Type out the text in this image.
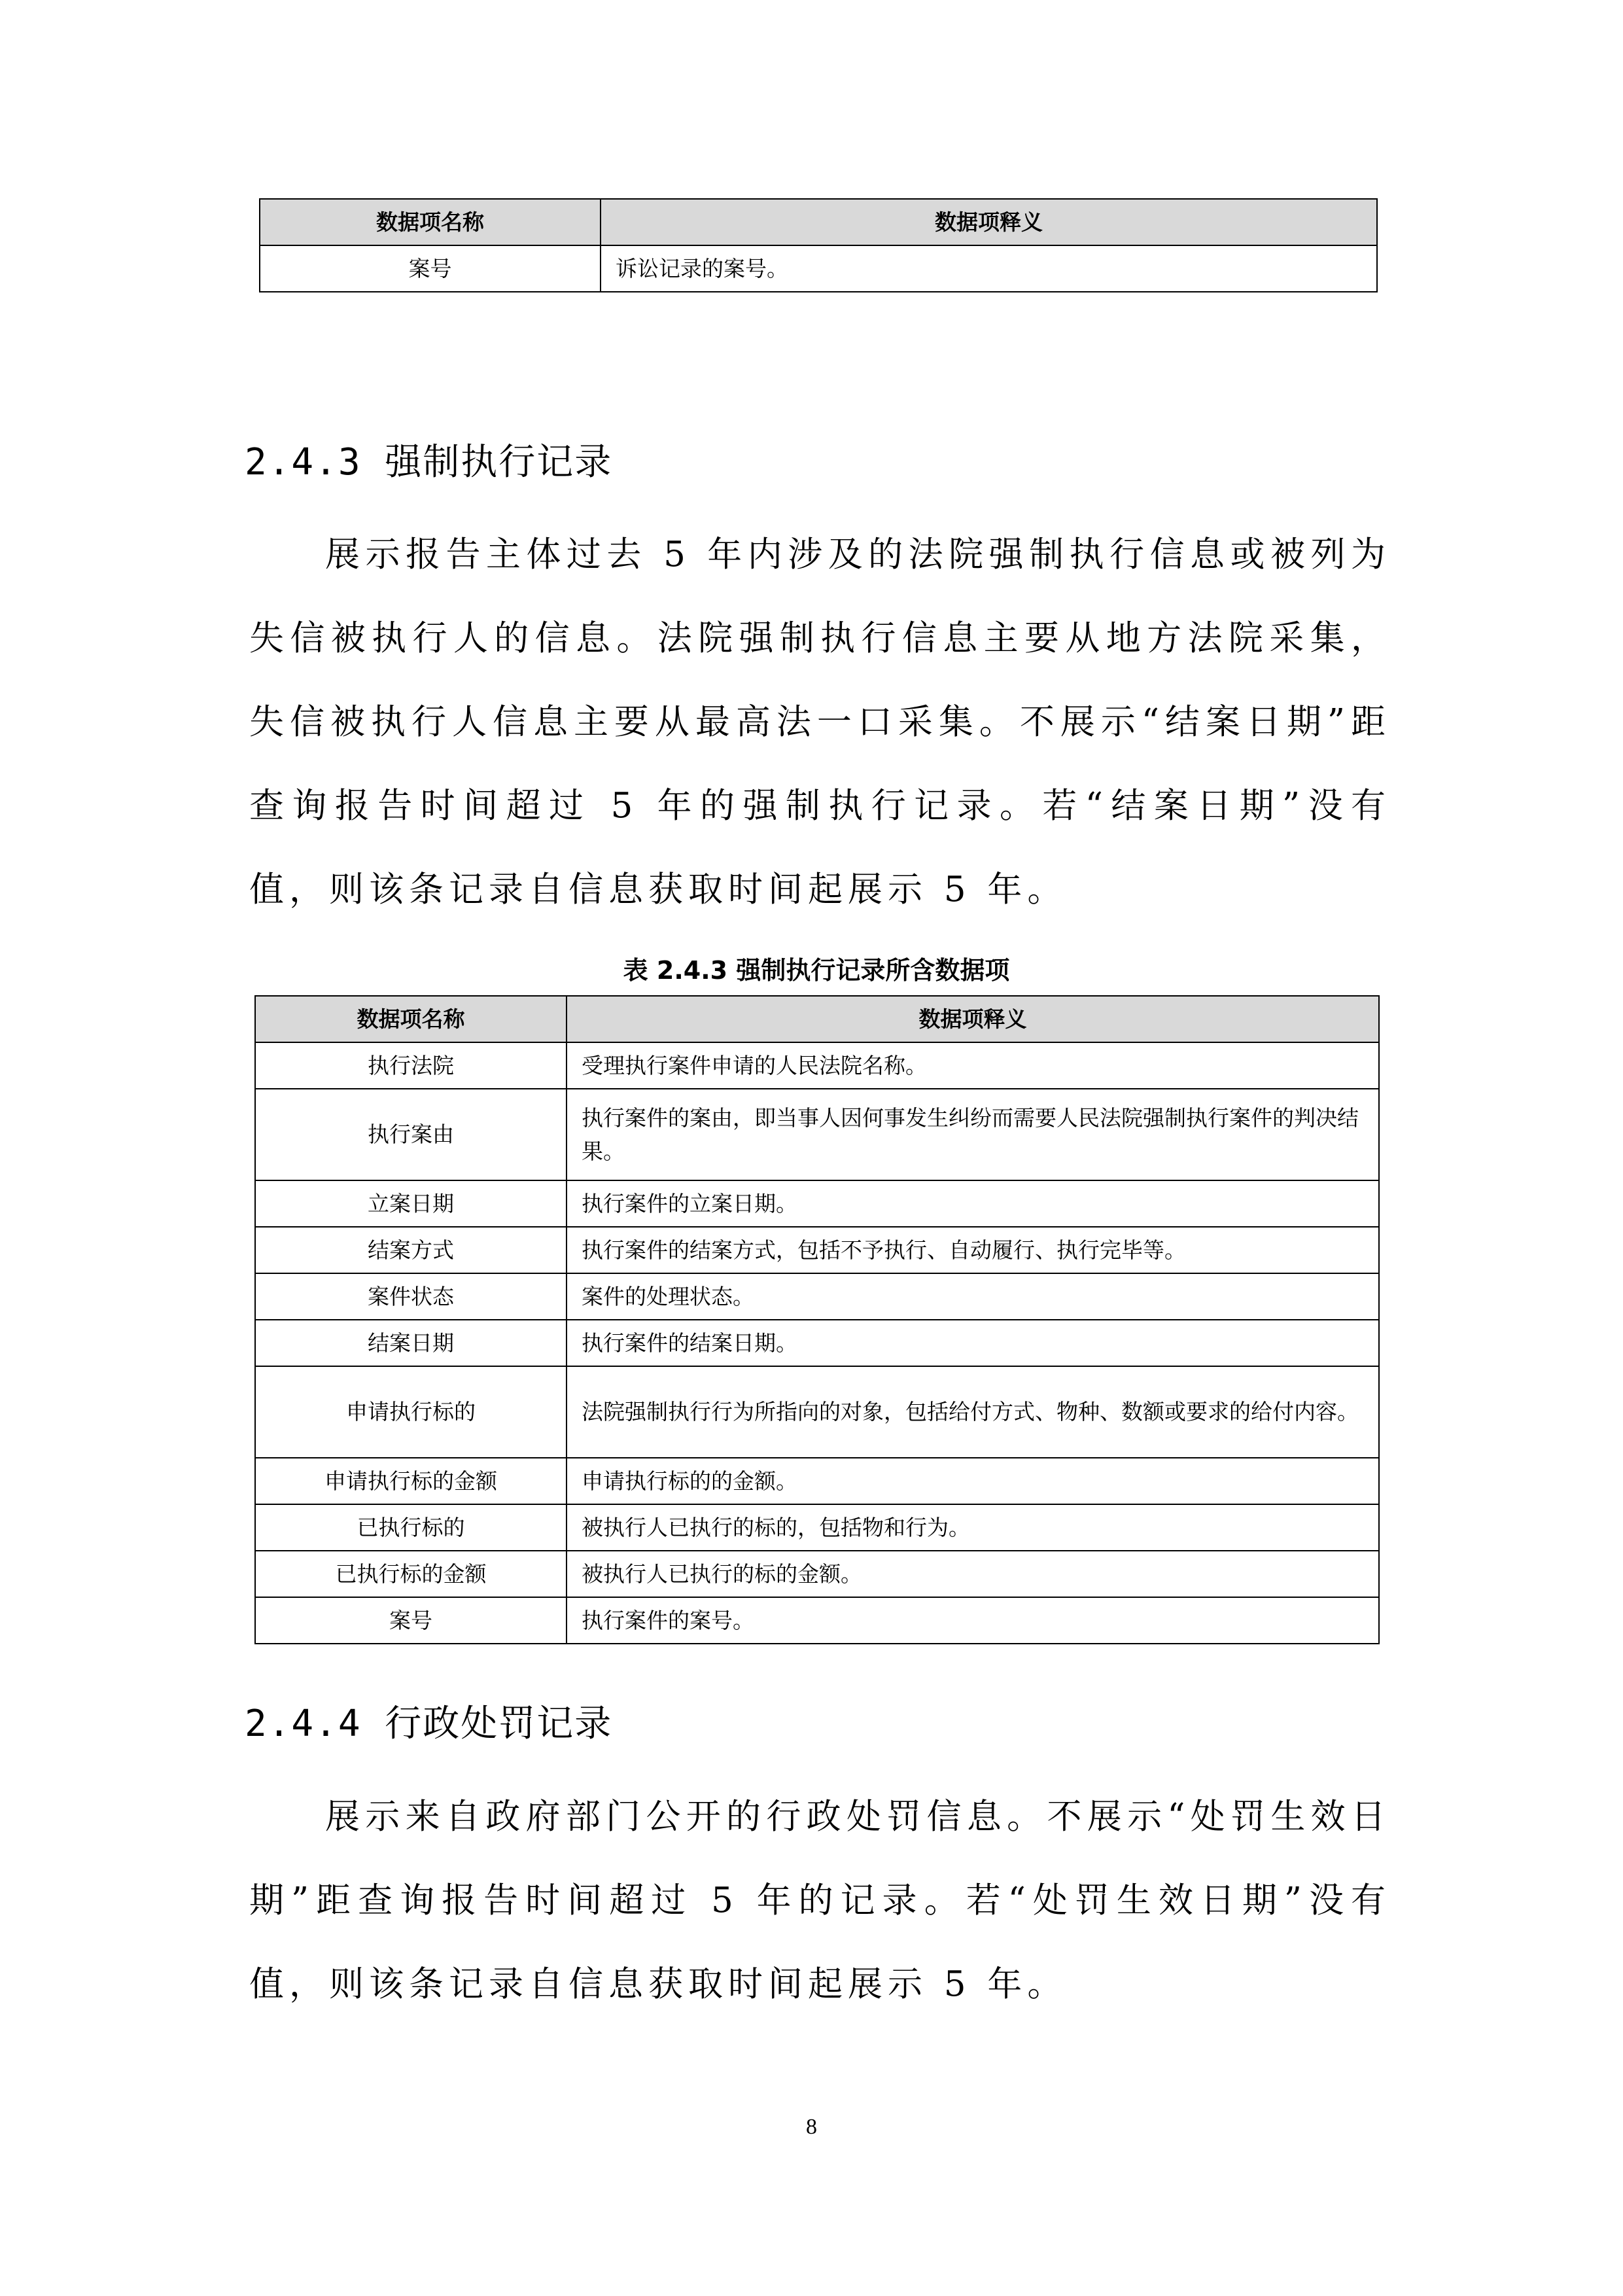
数据项名称	数据项释义
案号	诉讼记录的案号。
2.4.3 强制执行记录

展示报告主体过去 5 年内涉及的法院强制执行信息或被列为失信被执行人的信息。法院强制执行信息主要从地方法院采集，失信被执行人信息主要从最高法一口采集。不展示“结案日期”距查询报告时间超过 5 年的强制执行记录。若“结案日期”没有值，则该条记录自信息获取时间起展示 5 年。

表 2.4.3 强制执行记录所含数据项
数据项名称	数据项释义
执行法院	受理执行案件申请的人民法院名称。
执行案由	执行案件的案由，即当事人因何事发生纠纷而需要人民法院强制执行案件的判决结果。
立案日期	执行案件的立案日期。
结案方式	执行案件的结案方式，包括不予执行、自动履行、执行完毕等。
案件状态	案件的处理状态。
结案日期	执行案件的结案日期。
申请执行标的	法院强制执行行为所指向的对象，包括给付方式、物种、数额或要求的给付内容。
申请执行标的金额	申请执行标的的金额。
已执行标的	被执行人已执行的标的，包括物和行为。
已执行标的金额	被执行人已执行的标的金额。
案号	执行案件的案号。
2.4.4 行政处罚记录

展示来自政府部门公开的行政处罚信息。不展示“处罚生效日期”距查询报告时间超过 5 年的记录。若“处罚生效日期”没有值，则该条记录自信息获取时间起展示 5 年。

8
